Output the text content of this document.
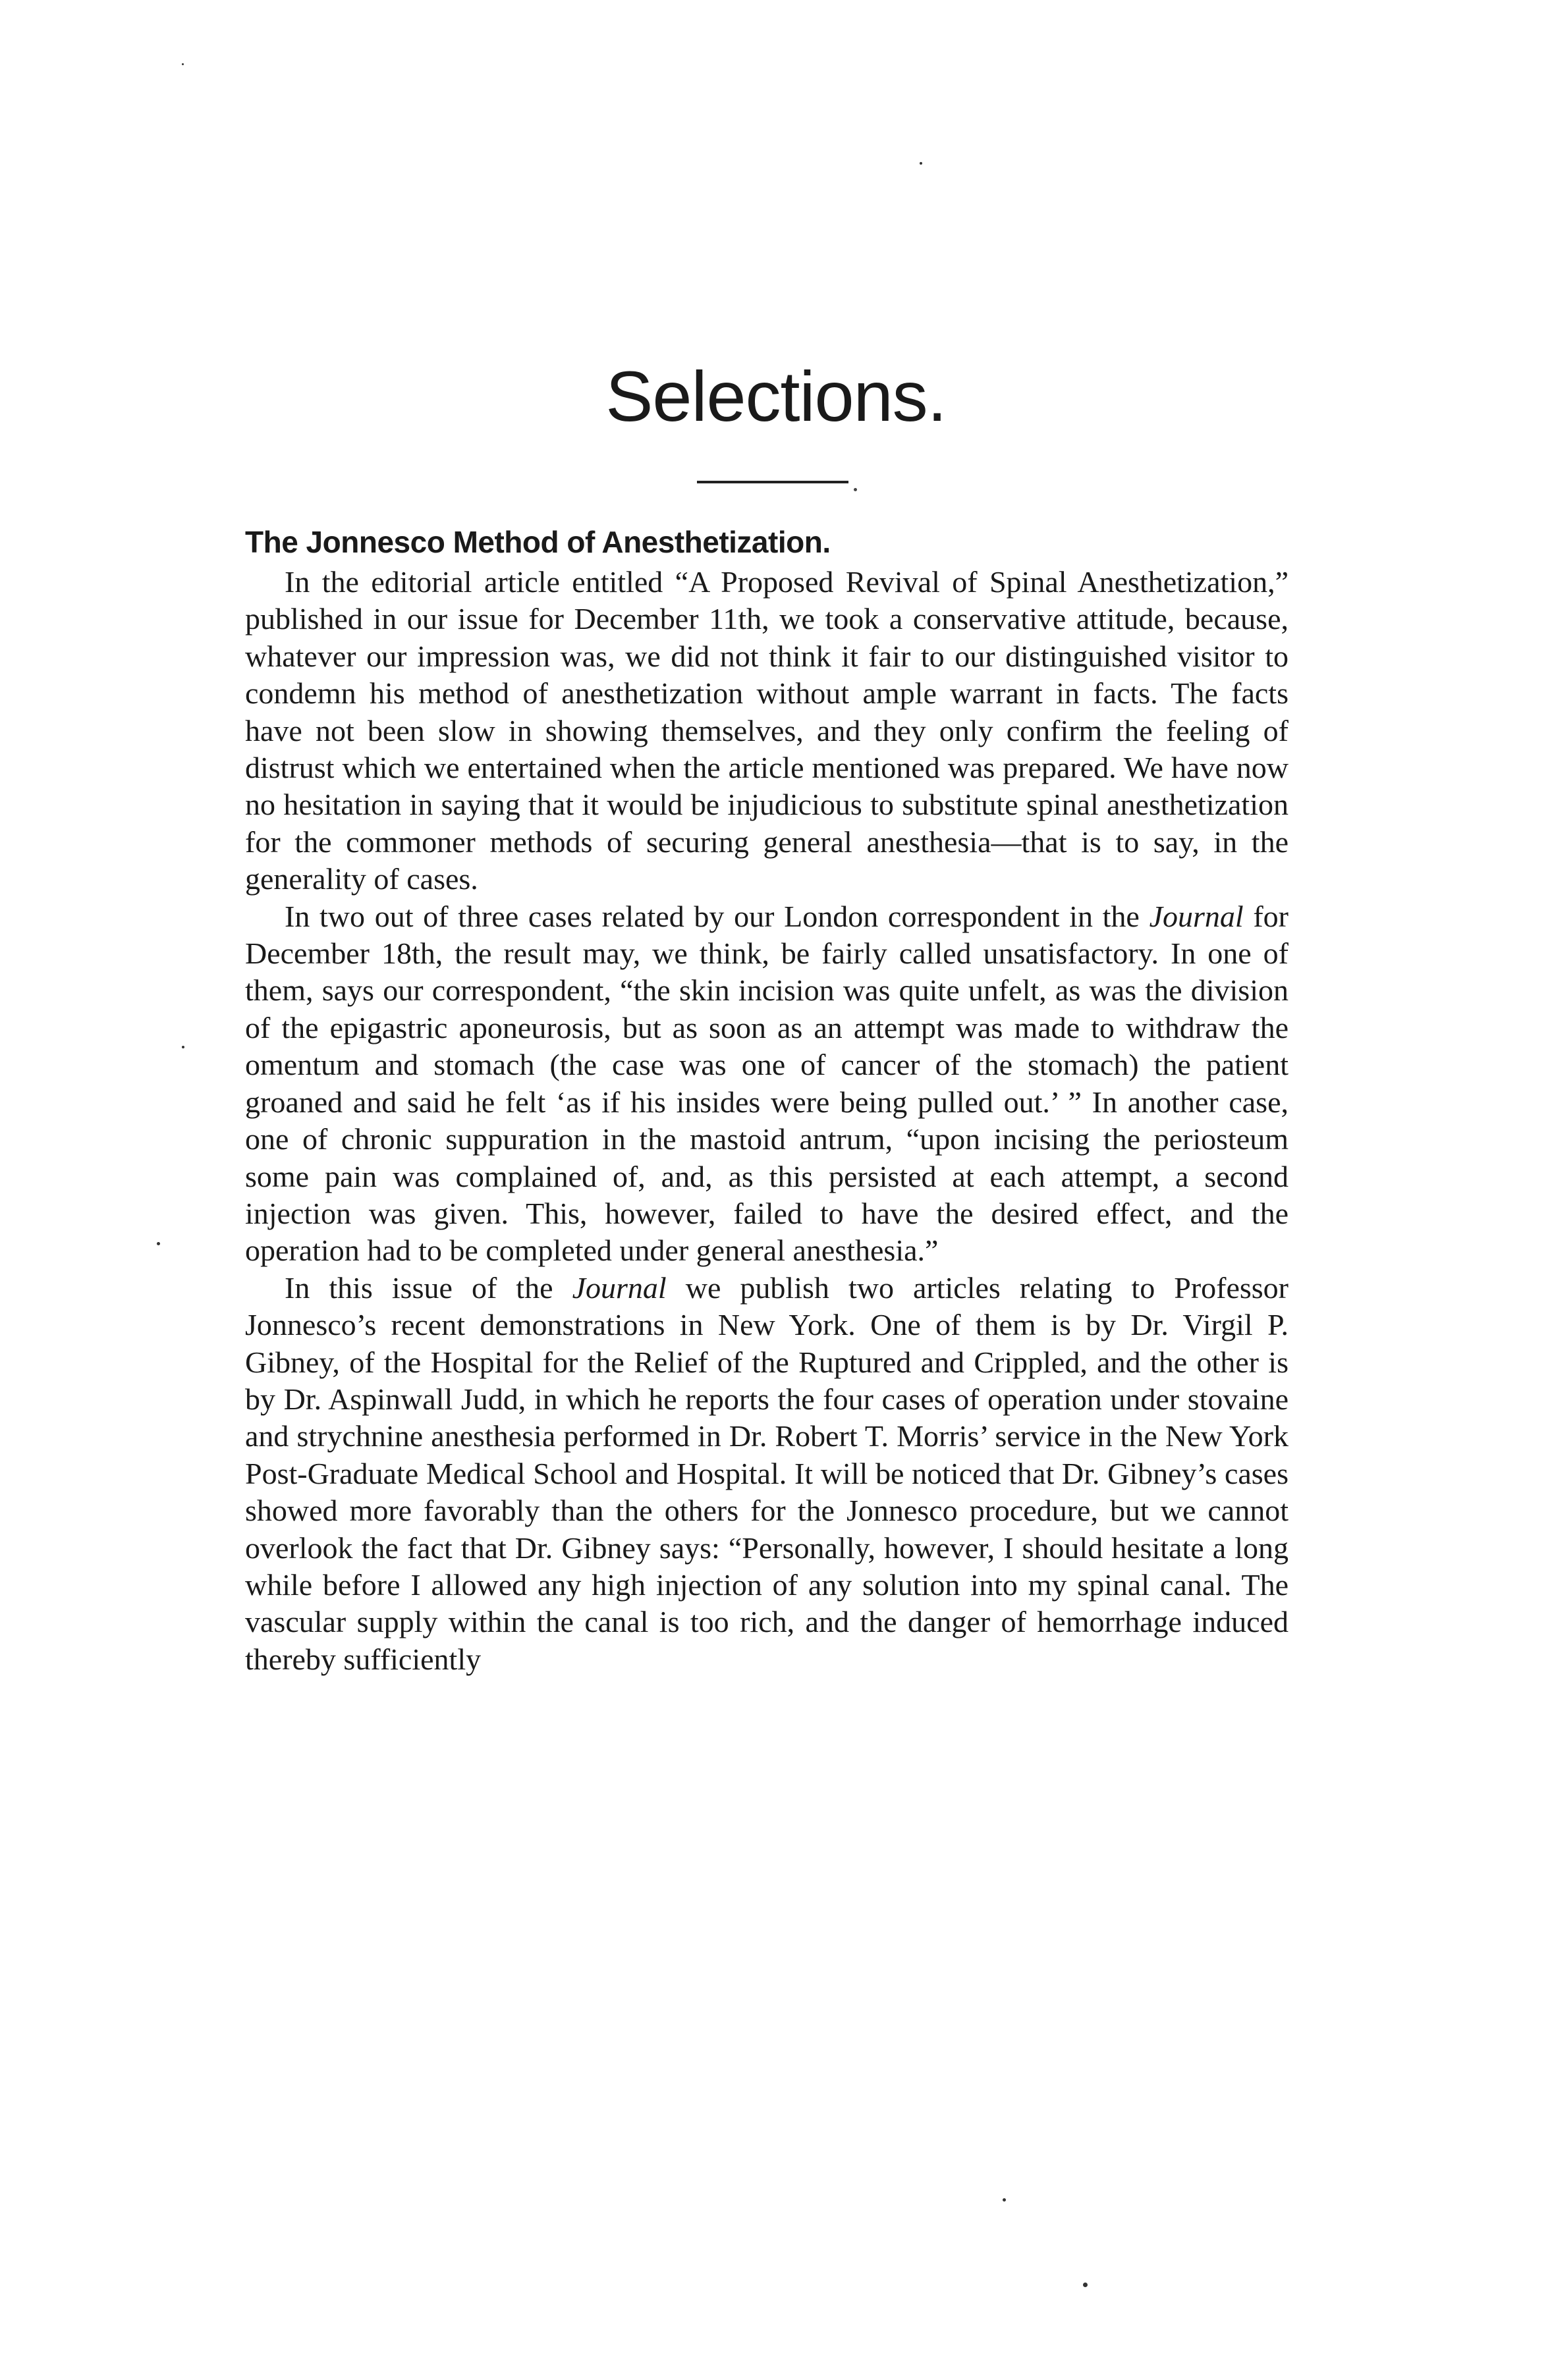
Selections.
The Jonnesco Method of Anesthetization.

In the editorial article entitled “A Proposed Revival of Spinal Anesthetization,” published in our issue for December 11th, we took a conservative attitude, because, whatever our impression was, we did not think it fair to our distinguished visitor to condemn his method of anesthetization without ample warrant in facts. The facts have not been slow in showing themselves, and they only confirm the feeling of distrust which we entertained when the article mentioned was prepared. We have now no hesitation in saying that it would be injudicious to substitute spinal anesthetization for the commoner methods of securing general anesthesia—that is to say, in the generality of cases.

In two out of three cases related by our London correspondent in the Journal for December 18th, the result may, we think, be fairly called unsatisfactory. In one of them, says our correspondent, “the skin incision was quite unfelt, as was the division of the epigastric aponeurosis, but as soon as an attempt was made to withdraw the omentum and stomach (the case was one of cancer of the stomach) the patient groaned and said he felt ‘as if his insides were being pulled out.’ ” In another case, one of chronic suppuration in the mastoid antrum, “upon incising the periosteum some pain was complained of, and, as this persisted at each attempt, a second injection was given. This, however, failed to have the desired effect, and the operation had to be completed under general anesthesia.”

In this issue of the Journal we publish two articles relating to Professor Jonnesco’s recent demonstrations in New York. One of them is by Dr. Virgil P. Gibney, of the Hospital for the Relief of the Ruptured and Crippled, and the other is by Dr. Aspinwall Judd, in which he reports the four cases of operation under stovaine and strychnine anesthesia performed in Dr. Robert T. Morris’ service in the New York Post-Graduate Medical School and Hospital. It will be noticed that Dr. Gibney’s cases showed more favorably than the others for the Jonnesco procedure, but we cannot overlook the fact that Dr. Gibney says: “Personally, however, I should hesitate a long while before I allowed any high injection of any solution into my spinal canal. The vascular supply within the canal is too rich, and the danger of hemorrhage induced thereby sufficiently
